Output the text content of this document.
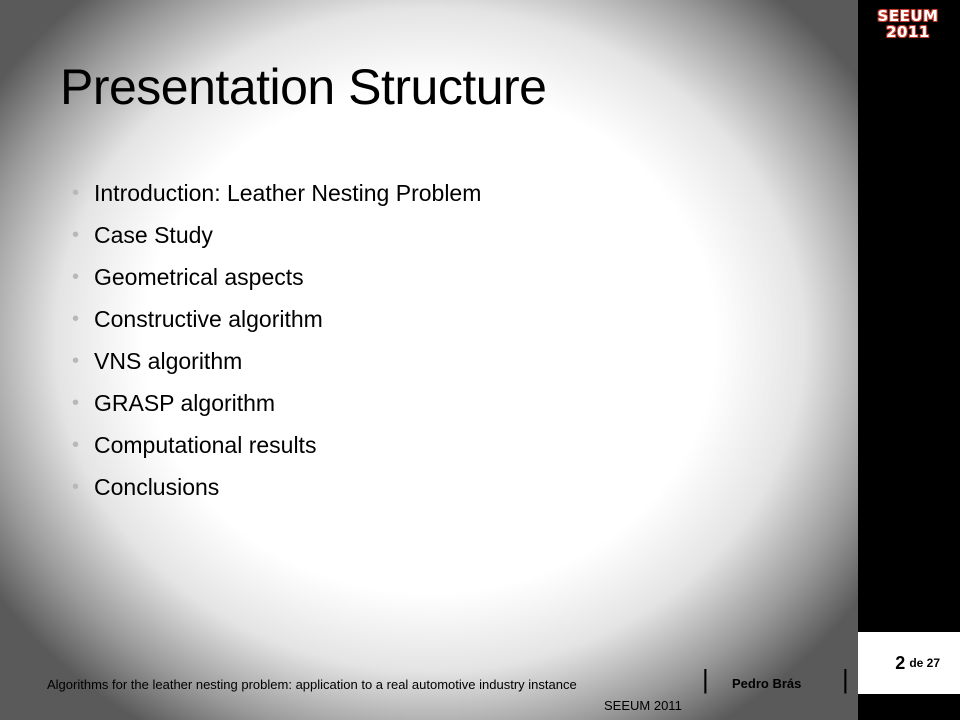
SEEUM
2011
Presentation Structure
• Introduction: Leather Nesting Problem
• Case Study
• Geometrical aspects
• Constructive algorithm
• VNS algorithm
• GRASP algorithm
• Computational results
• Conclusions
2 de 27
Algorithms for the leather nesting problem: application to a real automotive industry instance	| Pedro Brás |
SEEUM 2011
